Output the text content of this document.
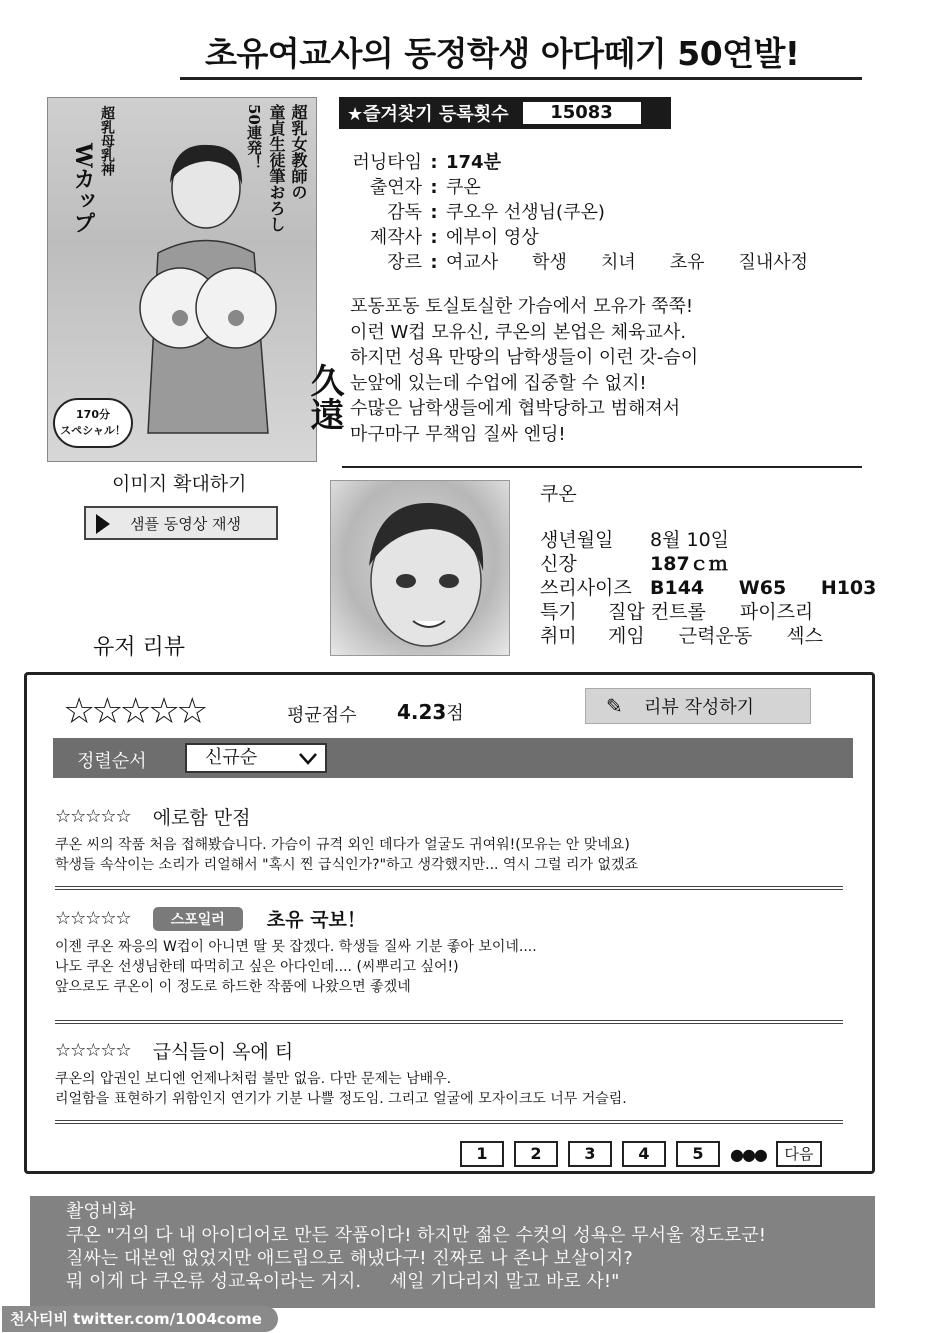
초유여교사의 동정학생 아다떼기 50연발!
超乳女教師の
童貞生徒筆おろし
50連発！
超乳母乳神
Wカップ
170分
スペシャル！	久遠
이미지 확대하기
샘플 동영상 재생
★즐겨찾기 등록횟수	15083
러닝타임 : 174분
출연자 : 쿠온
감독 : 쿠오우 선생님(쿠온)
제작사 : 에부이 영상
장르 : 여교사 학생 치녀 초유 질내사정
포동포동 토실토실한 가슴에서 모유가 쭉쭉!
이런 W컵 모유신, 쿠온의 본업은 체육교사.
하지먼 성욕 만땅의 남학생들이 이런 갓-슴이
눈앞에 있는데 수업에 집중할 수 없지!
수많은 남학생들에게 협박당하고 범해져서
마구마구 무책임 질싸 엔딩!
쿠온
생년월일	8월 10일
신장	187ｃｍ
쓰리사이즈 B144 W65 H103
특기	질압 컨트롤 파이즈리
취미	게임 근력운동 섹스
유저 리뷰
☆☆☆☆☆	평균점수 4.23점	✎ 리뷰 작성하기
정렬순서	신규순
☆☆☆☆☆ 에로함 만점
쿠온 씨의 작품 처음 접해봤습니다. 가슴이 규격 외인 데다가 얼굴도 귀여워!(모유는 안 맞네요)
학생들 속삭이는 소리가 리얼해서 "혹시 찐 급식인가?"하고 생각했지만... 역시 그럴 리가 없겠죠
☆☆☆☆☆	스포일러	초유 국보！
이젠 쿠온 짜응의 W컵이 아니면 딸 못 잡겠다. 학생들 질싸 기분 좋아 보이네....
나도 쿠온 선생님한테 따먹히고 싶은 아다인데.... (씨뿌리고 싶어!)
앞으로도 쿠온이 이 정도로 하드한 작품에 나왔으면 좋겠네
☆☆☆☆☆ 급식들이 옥에 티
쿠온의 압권인 보디엔 언제나처럼 불만 없음. 다만 문제는 남배우.
리얼함을 표현하기 위함인지 연기가 기분 나쁠 정도임. 그리고 얼굴에 모자이크도 너무 거슬림.
1	2	3	4	5	●●●	다음
촬영비화
쿠온 "거의 다 내 아이디어로 만든 작품이다! 하지만 젊은 수컷의 성욕은 무서울 정도로군!
질싸는 대본엔 없었지만 애드립으로 해냈다구! 진짜로 나 존나 보살이지?
뭐 이게 다 쿠온류 성교육이라는 거지.     세일 기다리지 말고 바로 사!"
천사티비 twitter.com/1004come
